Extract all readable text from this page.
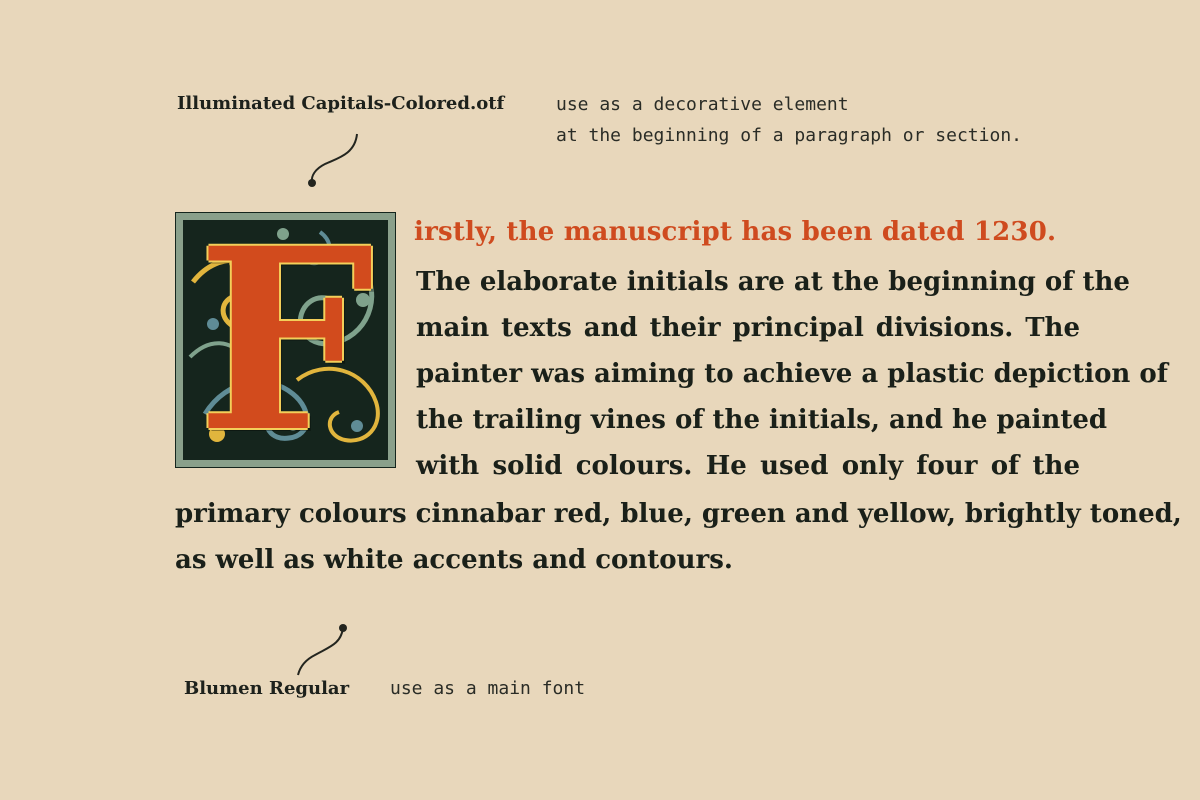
Illuminated Capitals-Colored.otf	use as a decorative element
at the beginning of a paragraph or section.
F	irstly, the manuscript has been dated 1230.
The elaborate initials are at the beginning of the
main texts and their principal divisions. The
painter was aiming to achieve a plastic depiction of
the trailing vines of the initials, and he painted
with solid colours. He used only four of the
primary colours cinnabar red, blue, green and yellow, brightly toned,
as well as white accents and contours.
Blumen Regular use as a main font
